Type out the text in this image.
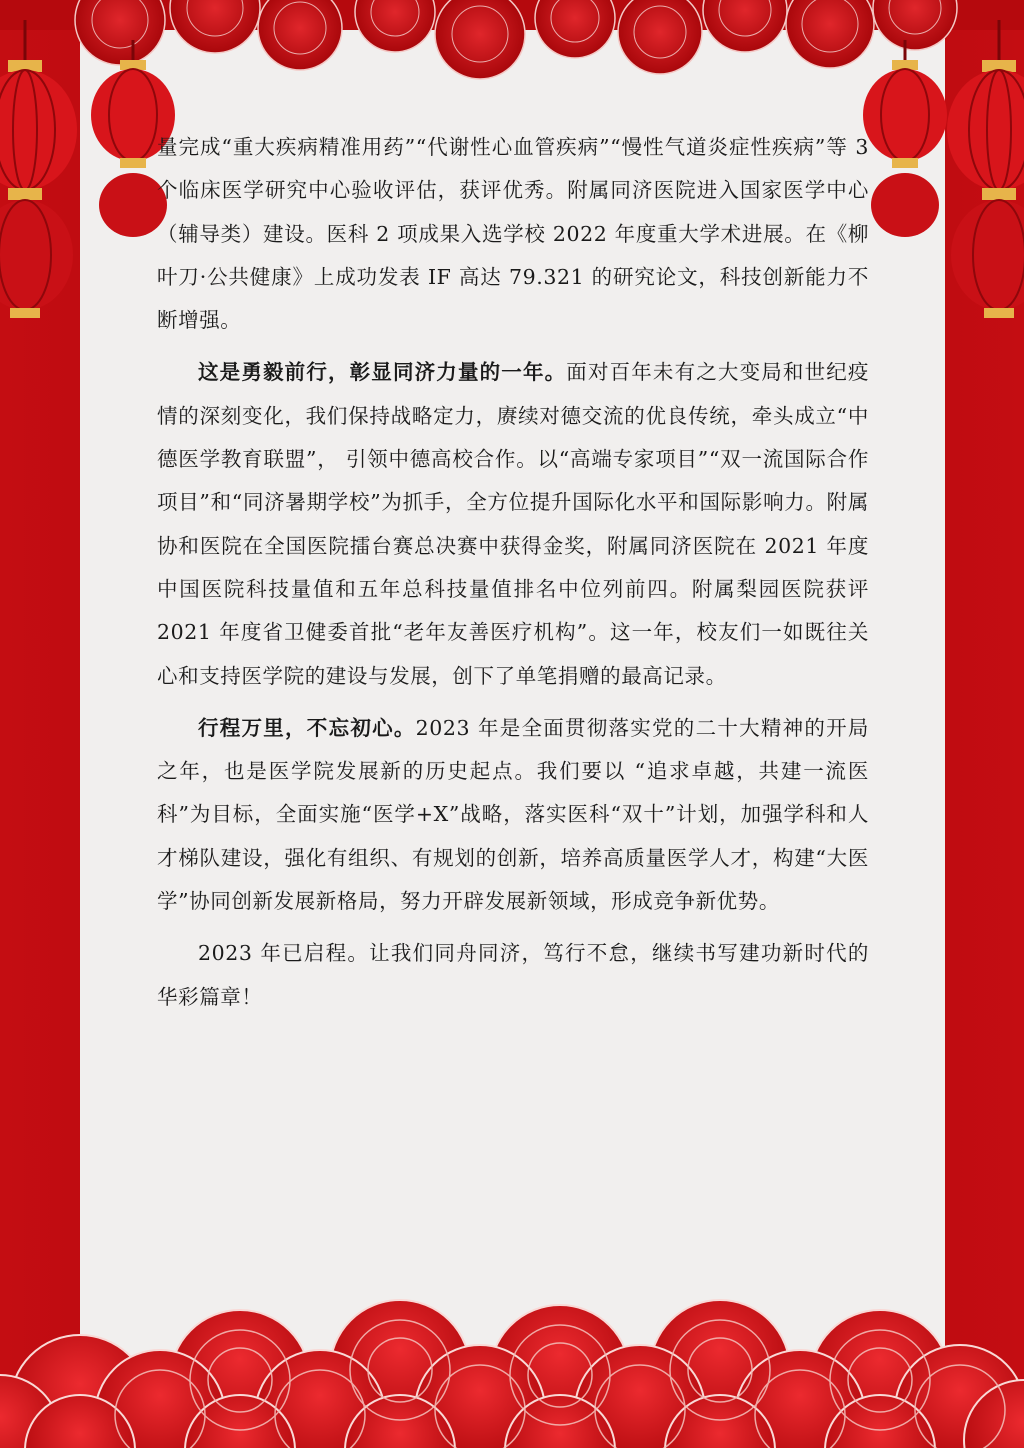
量完成“重大疾病精准用药”“代谢性心血管疾病”“慢性气道炎症性疾病”等 3 个临床医学研究中心验收评估，获评优秀。附属同济医院进入国家医学中心（辅导类）建设。医科 2 项成果入选学校 2022 年度重大学术进展。在《柳叶刀·公共健康》上成功发表 IF 高达 79.321 的研究论文，科技创新能力不断增强。

这是勇毅前行，彰显同济力量的一年。面对百年未有之大变局和世纪疫情的深刻变化，我们保持战略定力，赓续对德交流的优良传统，牵头成立“中德医学教育联盟”， 引领中德高校合作。以“高端专家项目”“双一流国际合作项目”和“同济暑期学校”为抓手，全方位提升国际化水平和国际影响力。附属协和医院在全国医院擂台赛总决赛中获得金奖，附属同济医院在 2021 年度中国医院科技量值和五年总科技量值排名中位列前四。附属梨园医院获评 2021 年度省卫健委首批“老年友善医疗机构”。这一年，校友们一如既往关心和支持医学院的建设与发展，创下了单笔捐赠的最高记录。

行程万里，不忘初心。2023 年是全面贯彻落实党的二十大精神的开局之年，也是医学院发展新的历史起点。我们要以 “追求卓越，共建一流医科”为目标，全面实施“医学+X”战略，落实医科“双十”计划，加强学科和人才梯队建设，强化有组织、有规划的创新，培养高质量医学人才，构建“大医学”协同创新发展新格局，努力开辟发展新领域，形成竞争新优势。

2023 年已启程。让我们同舟同济，笃行不怠，继续书写建功新时代的华彩篇章！
